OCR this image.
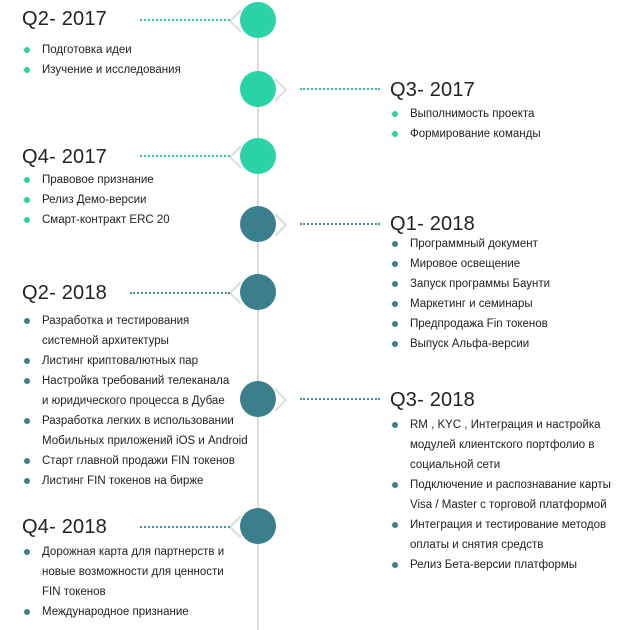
Q2- 2017
Подготовка идеи
Изучение и исследования
Q3- 2017
Выполнимость проекта
Формирование команды
Q4- 2017
Правовое признание
Релиз Демо-версии
Смарт-контракт ERC 20	Q1- 2018
Программный документ
Мировое освещение
Запуск программы Баунти
Маркетинг и семинары
Предпродажа Fin токенов
Выпуск Альфа-версии
Q2- 2018
Разработка и тестирования
системной архитектуры
Листинг криптовалютных пар
Настройка требований телеканала
и юридического процесса в Дубае
Разработка легких в использовании
Мобильных приложений iOS и Android
Старт главной продажи FIN токенов
Листинг FIN токенов на бирже
Q3- 2018
RM , KYC , Интеграция и настройка
модулей клиентского портфолио в
социальной сети
Подключение и распознавание карты
Visa / Master с торговой платформой
Интеграция и тестирование методов
оплаты и снятия средств
Релиз Бета-версии платформы
Q4- 2018
Дорожная карта для партнерств и
новые возможности для ценности
FIN токенов
Международное признание
